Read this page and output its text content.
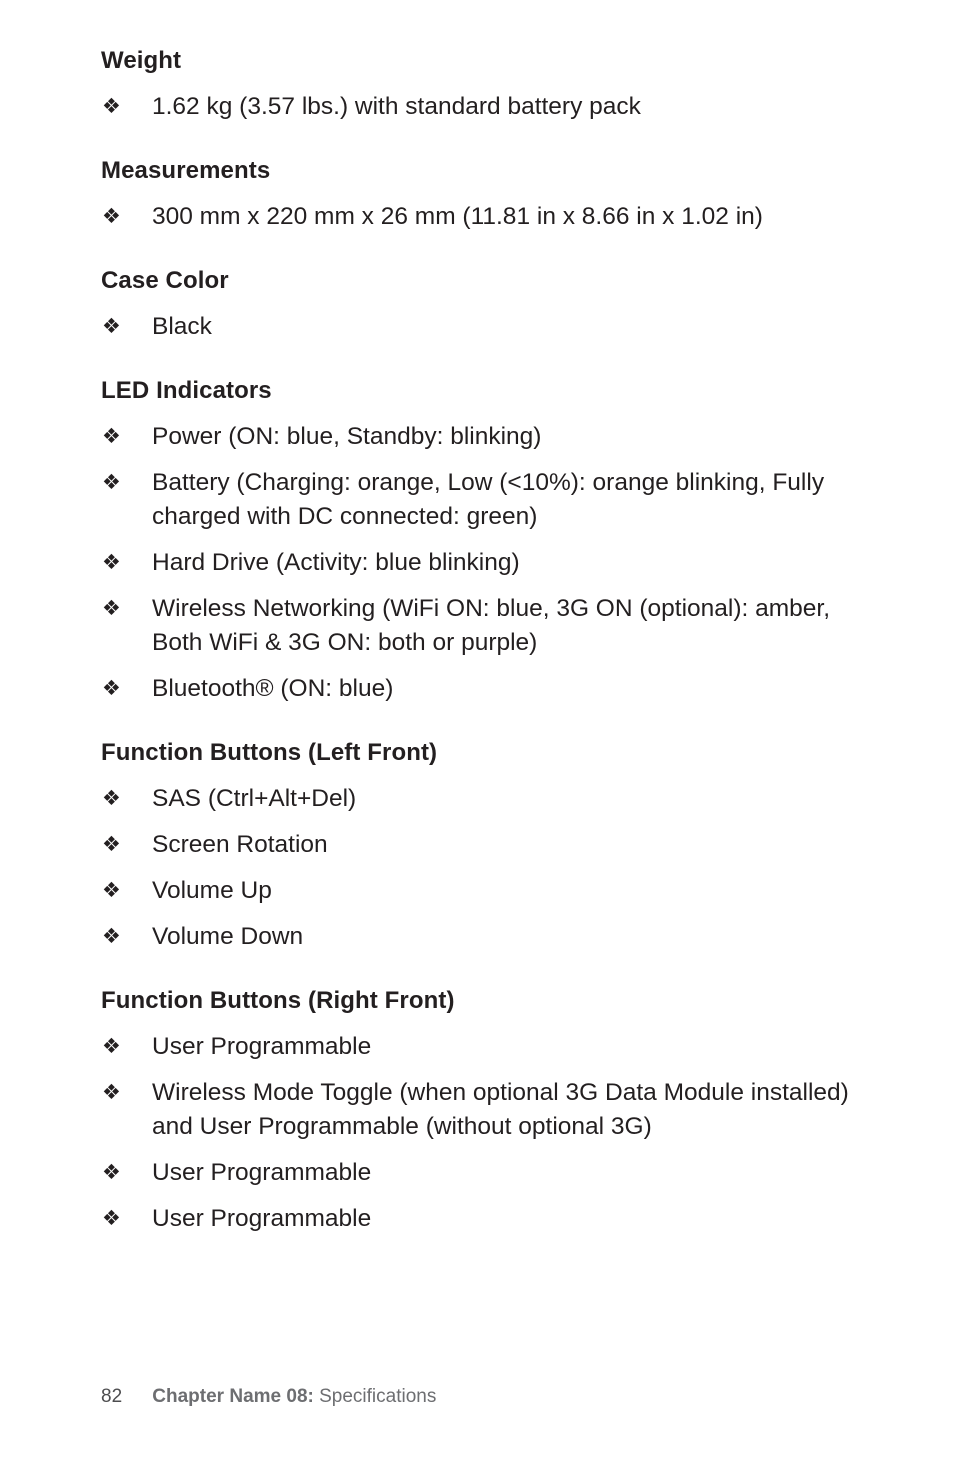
Weight
❖	1.62 kg (3.57 lbs.) with standard battery pack
Measurements
❖	300 mm x 220 mm x 26 mm (11.81 in x 8.66 in x 1.02 in)
Case Color
❖	Black
LED Indicators
❖	Power (ON: blue, Standby: blinking)
❖	Battery (Charging: orange, Low (<10%): orange blinking, Fully charged with DC connected: green)
❖	Hard Drive (Activity: blue blinking)
❖	Wireless Networking (WiFi ON: blue, 3G ON (optional): amber, Both WiFi & 3G ON: both or purple)
❖	Bluetooth® (ON: blue)
Function Buttons (Left Front)
❖	SAS (Ctrl+Alt+Del)
❖	Screen Rotation
❖	Volume Up
❖	Volume Down
Function Buttons (Right Front)
❖	User Programmable
❖	Wireless Mode Toggle (when optional 3G Data Module installed) and User Programmable (without optional 3G)
❖	User Programmable
❖	User Programmable
82 Chapter Name 08: Specifications
